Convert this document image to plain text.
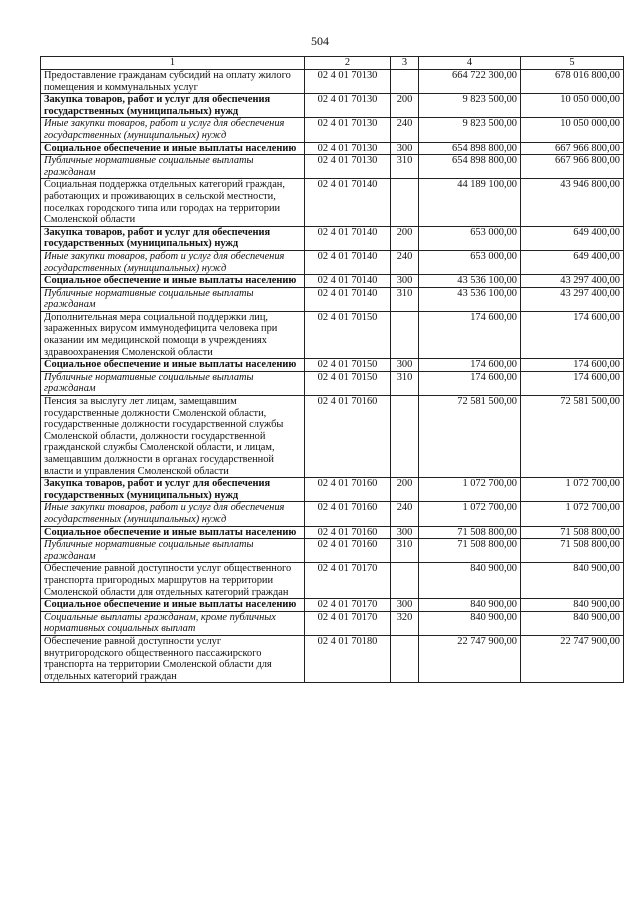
504
1	2	3	4	5
Предоставление гражданам субсидий на оплату жилого помещения и коммунальных услуг	02 4 01 70130		664 722 300,00	678 016 800,00
Закупка товаров, работ и услуг для обеспечения государственных (муниципальных) нужд	02 4 01 70130	200	9 823 500,00	10 050 000,00
Иные закупки товаров, работ и услуг для обеспечения государственных (муниципальных) нужд	02 4 01 70130	240	9 823 500,00	10 050 000,00
Социальное обеспечение и иные выплаты населению	02 4 01 70130	300	654 898 800,00	667 966 800,00
Публичные нормативные социальные выплаты гражданам	02 4 01 70130	310	654 898 800,00	667 966 800,00
Социальная поддержка отдельных категорий граждан, работающих и проживающих в сельской местности, поселках городского типа или городах на территории Смоленской области	02 4 01 70140		44 189 100,00	43 946 800,00
Закупка товаров, работ и услуг для обеспечения государственных (муниципальных) нужд	02 4 01 70140	200	653 000,00	649 400,00
Иные закупки товаров, работ и услуг для обеспечения государственных (муниципальных) нужд	02 4 01 70140	240	653 000,00	649 400,00
Социальное обеспечение и иные выплаты населению	02 4 01 70140	300	43 536 100,00	43 297 400,00
Публичные нормативные социальные выплаты гражданам	02 4 01 70140	310	43 536 100,00	43 297 400,00
Дополнительная мера социальной поддержки лиц, зараженных вирусом иммунодефицита человека при оказании им медицинской помощи в учреждениях здравоохранения Смоленской области	02 4 01 70150		174 600,00	174 600,00
Социальное обеспечение и иные выплаты населению	02 4 01 70150	300	174 600,00	174 600,00
Публичные нормативные социальные выплаты гражданам	02 4 01 70150	310	174 600,00	174 600,00
Пенсия за выслугу лет лицам, замещавшим государственные должности Смоленской области, государственные должности государственной службы Смоленской области, должности государственной гражданской службы Смоленской области, и лицам, замещавшим должности в органах государственной власти и управления Смоленской области	02 4 01 70160		72 581 500,00	72 581 500,00
Закупка товаров, работ и услуг для обеспечения государственных (муниципальных) нужд	02 4 01 70160	200	1 072 700,00	1 072 700,00
Иные закупки товаров, работ и услуг для обеспечения государственных (муниципальных) нужд	02 4 01 70160	240	1 072 700,00	1 072 700,00
Социальное обеспечение и иные выплаты населению	02 4 01 70160	300	71 508 800,00	71 508 800,00
Публичные нормативные социальные выплаты гражданам	02 4 01 70160	310	71 508 800,00	71 508 800,00
Обеспечение равной доступности услуг общественного транспорта пригородных маршрутов на территории Смоленской области для отдельных категорий граждан	02 4 01 70170		840 900,00	840 900,00
Социальное обеспечение и иные выплаты населению	02 4 01 70170	300	840 900,00	840 900,00
Социальные выплаты гражданам, кроме публичных нормативных социальных выплат	02 4 01 70170	320	840 900,00	840 900,00
Обеспечение равной доступности услуг внутригородского общественного пассажирского транспорта на территории Смоленской области для отдельных категорий граждан	02 4 01 70180		22 747 900,00	22 747 900,00
